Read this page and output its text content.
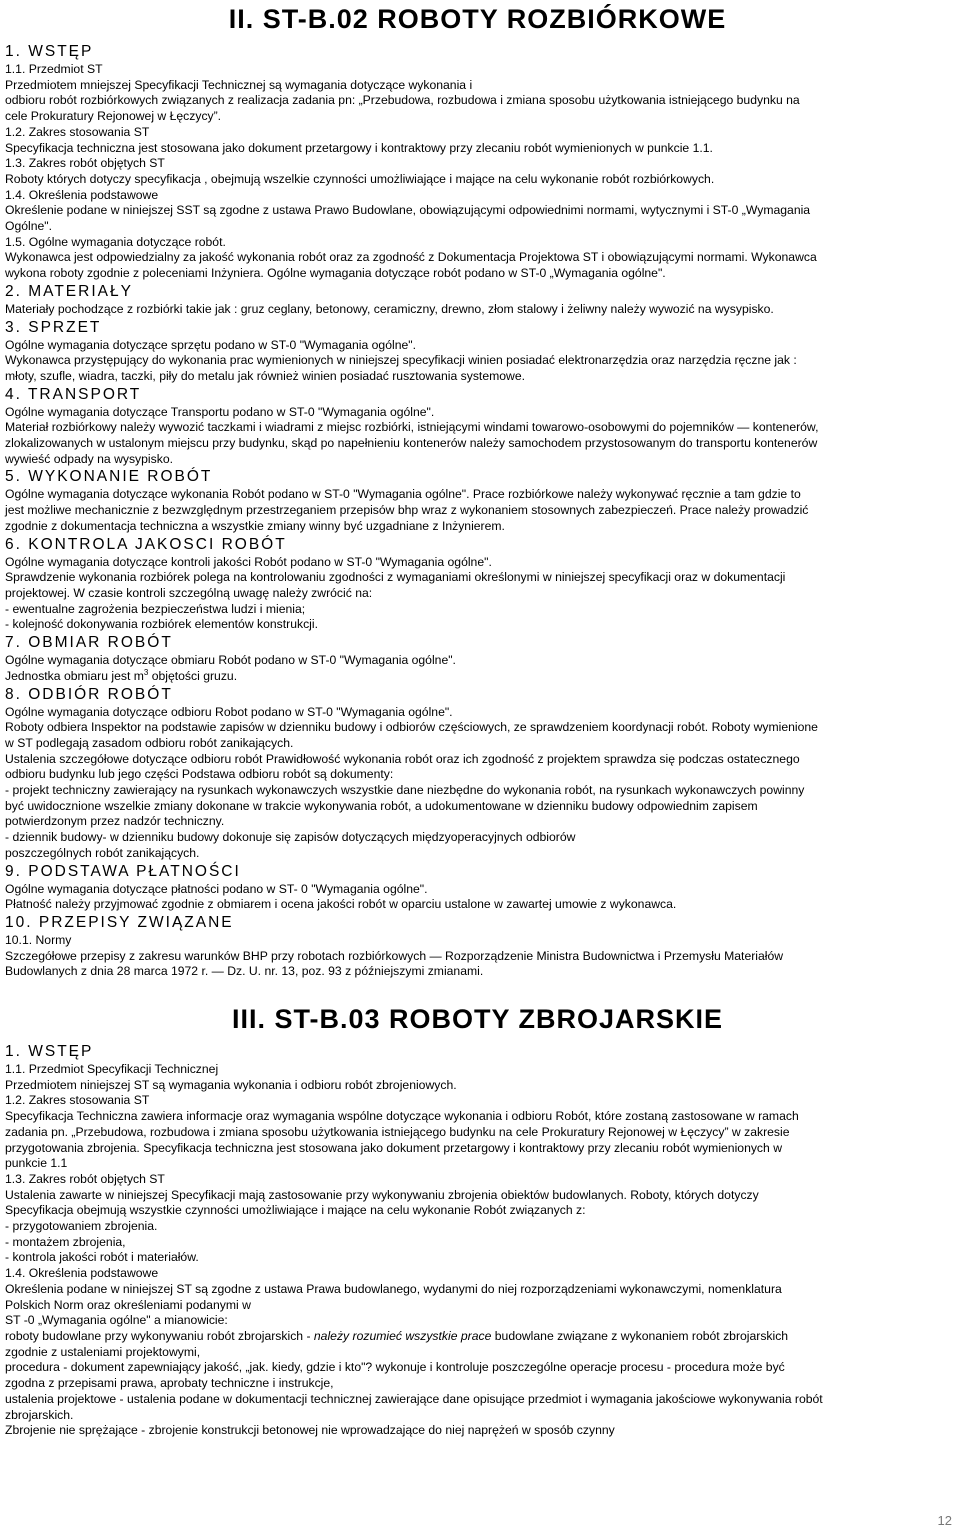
II. ST-B.02 ROBOTY ROZBIÓRKOWE
1. WSTĘP

1.1. Przedmiot ST

Przedmiotem mniejszej Specyfikacji Technicznej są wymagania dotyczące wykonania i

odbioru robót rozbiórkowych związanych z realizacja zadania pn: „Przebudowa, rozbudowa i zmiana sposobu użytkowania istniejącego budynku na

cele Prokuratury Rejonowej w Łęczycy”.

1.2. Zakres stosowania ST

Specyfikacja techniczna jest stosowana jako dokument przetargowy i kontraktowy przy zlecaniu robót wymienionych w punkcie 1.1.

1.3. Zakres robót objętych ST

Roboty których dotyczy specyfikacja , obejmują wszelkie czynności umożliwiające i mające na celu wykonanie robót rozbiórkowych.

1.4. Określenia podstawowe

Określenie podane w niniejszej SST są zgodne z ustawa Prawo Budowlane, obowiązującymi odpowiednimi normami, wytycznymi i ST-0 „Wymagania

Ogólne".

1.5. Ogólne wymagania dotyczące robót.

Wykonawca jest odpowiedzialny za jakość wykonania robót oraz za zgodność z Dokumentacja Projektowa ST i obowiązującymi normami. Wykonawca

wykona roboty zgodnie z poleceniami Inżyniera. Ogólne wymagania dotyczące robót podano w ST-0 „Wymagania ogólne".

2. MATERIAŁY

Materiały pochodzące z rozbiórki takie jak : gruz ceglany, betonowy, ceramiczny, drewno, złom stalowy i żeliwny należy wywozić na wysypisko.

3. SPRZET

Ogólne wymagania dotyczące sprzętu podano w ST-0 "Wymagania ogólne".

Wykonawca przystępujący do wykonania prac wymienionych w niniejszej specyfikacji winien posiadać elektronarzędzia oraz narzędzia ręczne jak :

młoty, szufle, wiadra, taczki, piły do metalu jak również winien posiadać rusztowania systemowe.

4. TRANSPORT

Ogólne wymagania dotyczące Transportu podano w ST-0 "Wymagania ogólne".

Materiał rozbiórkowy należy wywozić taczkami i wiadrami z miejsc rozbiórki, istniejącymi windami towarowo-osobowymi do pojemników — kontenerów,

zlokalizowanych w ustalonym miejscu przy budynku, skąd po napełnieniu kontenerów należy samochodem przystosowanym do transportu kontenerów

wywieść odpady na wysypisko.

5. WYKONANIE ROBÓT

Ogólne wymagania dotyczące wykonania Robót podano w ST-0 "Wymagania ogólne". Prace rozbiórkowe należy wykonywać ręcznie a tam gdzie to

jest możliwe mechanicznie z bezwzględnym przestrzeganiem przepisów bhp wraz z wykonaniem stosownych zabezpieczeń. Prace należy prowadzić

zgodnie z dokumentacja techniczna a wszystkie zmiany winny być uzgadniane z Inżynierem.

6. KONTROLA JAKOSCI ROBÓT

Ogólne wymagania dotyczące kontroli jakości Robót podano w ST-0 "Wymagania ogólne".

Sprawdzenie wykonania rozbiórek polega na kontrolowaniu zgodności z wymaganiami określonymi w niniejszej specyfikacji oraz w dokumentacji

projektowej. W czasie kontroli szczególną uwagę należy zwrócić na:

- ewentualne zagrożenia bezpieczeństwa ludzi i mienia;

- kolejność dokonywania rozbiórek elementów konstrukcji.

7. OBMIAR ROBÓT

Ogólne wymagania dotyczące obmiaru Robót podano w ST-0 "Wymagania ogólne".

Jednostka obmiaru jest $m^3$ objętości gruzu.

8. ODBIÓR ROBÓT

Ogólne wymagania dotyczące odbioru Robot podano w ST-0 "Wymagania ogólne".

Roboty odbiera Inspektor na podstawie zapisów w dzienniku budowy i odbiorów częściowych, ze sprawdzeniem koordynacji robót. Roboty wymienione

w ST podlegają zasadom odbioru robót zanikających.

Ustalenia szczegółowe dotyczące odbioru robót Prawidłowość wykonania robót oraz ich zgodność z projektem sprawdza się podczas ostatecznego

odbioru budynku lub jego części Podstawa odbioru robót są dokumenty:

- projekt techniczny zawierający na rysunkach wykonawczych wszystkie dane niezbędne do wykonania robót, na rysunkach wykonawczych powinny

być uwidocznione wszelkie zmiany dokonane w trakcie wykonywania robót, a udokumentowane w dzienniku budowy odpowiednim zapisem

potwierdzonym przez nadzór techniczny.

- dziennik budowy- w dzienniku budowy dokonuje się zapisów dotyczących międzyoperacyjnych odbiorów

poszczególnych robót zanikających.

9. PODSTAWA PŁATNOŚCI

Ogólne wymagania dotyczące płatności podano w ST- 0 "Wymagania ogólne".

Płatność należy przyjmować zgodnie z obmiarem i ocena jakości robót w oparciu ustalone w zawartej umowie z wykonawca.

10. PRZEPISY ZWIĄZANE

10.1. Normy

Szczegółowe przepisy z zakresu warunków BHP przy robotach rozbiórkowych — Rozporządzenie Ministra Budownictwa i Przemysłu Materiałów

Budowlanych z dnia 28 marca 1972 r. — Dz. U. nr. 13, poz. 93 z późniejszymi zmianami.

III. ST-B.03 ROBOTY ZBROJARSKIE
1. WSTĘP

1.1. Przedmiot Specyfikacji Technicznej

Przedmiotem niniejszej ST są wymagania wykonania i odbioru robót zbrojeniowych.

1.2. Zakres stosowania ST

Specyfikacja Techniczna zawiera informacje oraz wymagania wspólne dotyczące wykonania i odbioru Robót, które zostaną zastosowane w ramach

zadania pn. „Przebudowa, rozbudowa i zmiana sposobu użytkowania istniejącego budynku na cele Prokuratury Rejonowej w Łęczycy” w zakresie

przygotowania zbrojenia. Specyfikacja techniczna jest stosowana jako dokument przetargowy i kontraktowy przy zlecaniu robót wymienionych w

punkcie 1.1

1.3. Zakres robót objętych ST

Ustalenia zawarte w niniejszej Specyfikacji mają zastosowanie przy wykonywaniu zbrojenia obiektów budowlanych. Roboty, których dotyczy

Specyfikacja obejmują wszystkie czynności umożliwiające i mające na celu wykonanie Robót związanych z:

- przygotowaniem zbrojenia.

- montażem zbrojenia,

- kontrola jakości robót i materiałów.

1.4. Określenia podstawowe

Określenia podane w niniejszej ST są zgodne z ustawa Prawa budowlanego, wydanymi do niej rozporządzeniami wykonawczymi, nomenklatura

Polskich Norm oraz określeniami podanymi w

ST -0 „Wymagania ogólne" a mianowicie:

roboty budowlane przy wykonywaniu robót zbrojarskich - należy rozumieć wszystkie prace budowlane związane z wykonaniem robót zbrojarskich

zgodnie z ustaleniami projektowymi,

procedura - dokument zapewniający jakość, „jak. kiedy, gdzie i kto"? wykonuje i kontroluje poszczególne operacje procesu - procedura może być

zgodna z przepisami prawa, aprobaty techniczne i instrukcje,

ustalenia projektowe - ustalenia podane w dokumentacji technicznej zawierające dane opisujące przedmiot i wymagania jakościowe wykonywania robót

zbrojarskich.

Zbrojenie nie sprężające - zbrojenie konstrukcji betonowej nie wprowadzające do niej naprężeń w sposób czynny

12
